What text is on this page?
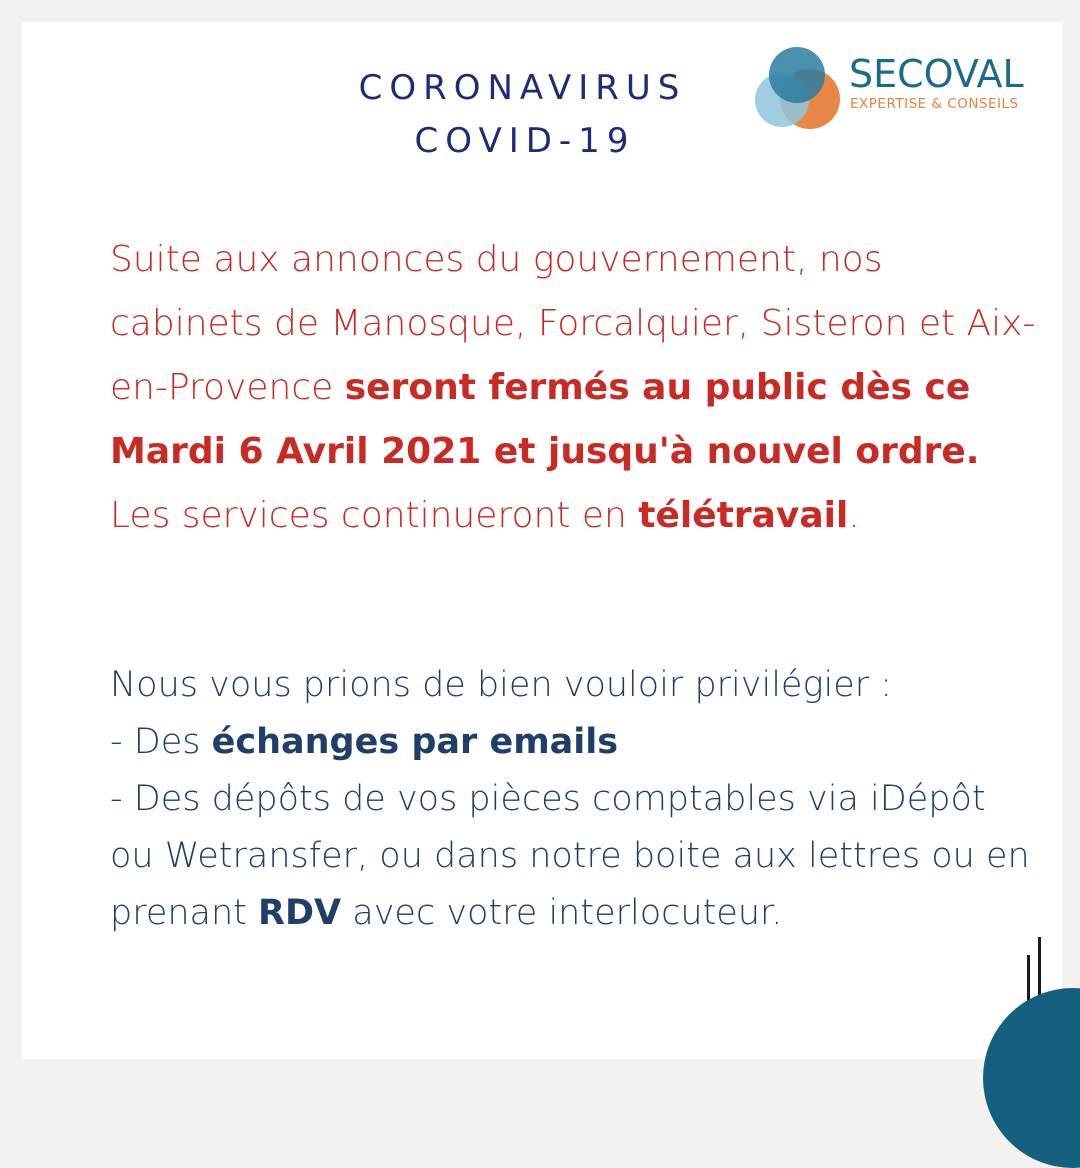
CORONAVIRUS
COVID-19
SECOVAL
EXPERTISE & CONSEILS

Suite aux annonces du gouvernement, nos cabinets de Manosque, Forcalquier, Sisteron et Aix-en-Provence seront fermés au public dès ce Mardi 6 Avril 2021 et jusqu'à nouvel ordre. Les services continueront en télétravail.

Nous vous prions de bien vouloir privilégier :
- Des échanges par emails
- Des dépôts de vos pièces comptables via iDépôt ou Wetransfer, ou dans notre boite aux lettres ou en prenant RDV avec votre interlocuteur.
